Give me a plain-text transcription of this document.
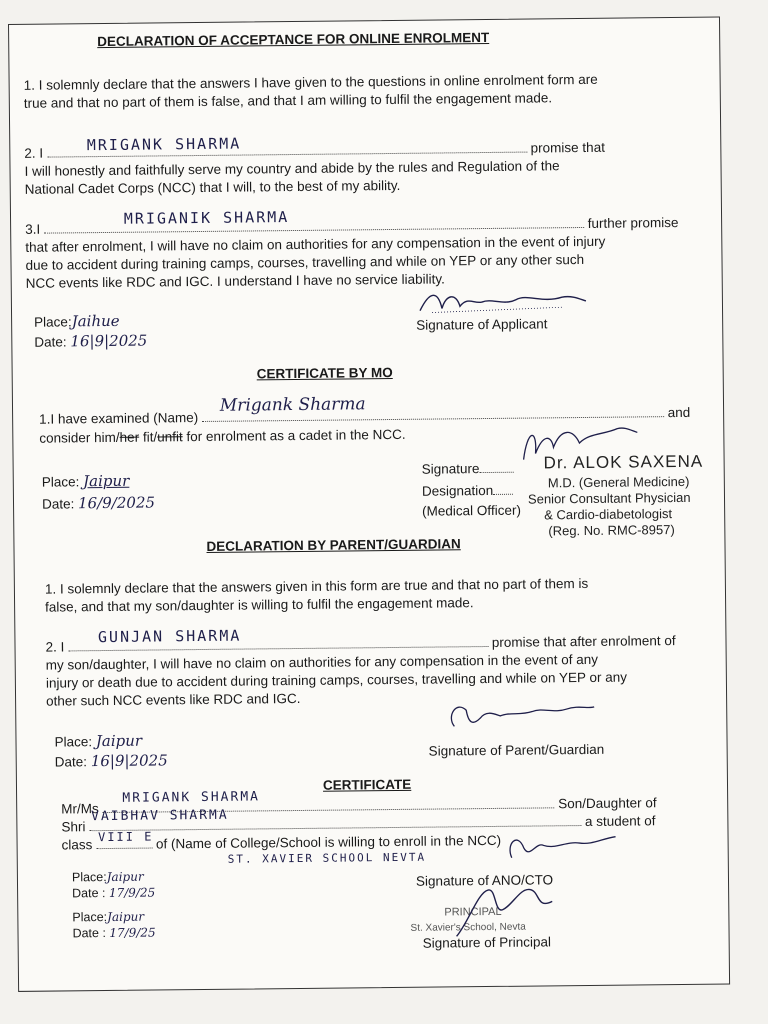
DECLARATION OF ACCEPTANCE FOR ONLINE ENROLMENT
1. I solemnly declare that the answers I have given to the questions in online enrolment form are
true and that no part of them is false, and that I am willing to fulfil the engagement made.
2. I	MRIGANK SHARMA	promise that
I will honestly and faithfully serve my country and abide by the rules and Regulation of the
National Cadet Corps (NCC) that I will, to the best of my ability.
3.I
MRIGANIK SHARMA	further promise
that after enrolment, I will have no claim on authorities for any compensation in the event of injury
due to accident during training camps, courses, travelling and while on YEP or any other such
NCC events like RDC and IGC. I understand I have no service liability.
Place:Jaihue
Date: 16|9|2025
Signature of Applicant
CERTIFICATE BY MO
1.I have examined (Name)
Mrigank Sharma	and
consider him/her fit/unfit for enrolment as a cadet in the NCC.
Place: Jaipur
Date: 16/9/2025
Signature
Designation
(Medical Officer)
Dr. ALOK SAXENA
M.D. (General Medicine)
Senior Consultant Physician
& Cardio-diabetologist
(Reg. No. RMC-8957)
DECLARATION BY PARENT/GUARDIAN
1. I solemnly declare that the answers given in this form are true and that no part of them is
false, and that my son/daughter is willing to fulfil the engagement made.
2. I
GUNJAN SHARMA	promise that after enrolment of
my son/daughter, I will have no claim on authorities for any compensation in the event of any
injury or death due to accident during training camps, courses, travelling and while on YEP or any
other such NCC events like RDC and IGC.
Place: Jaipur
Date: 16|9|2025
Signature of Parent/Guardian
CERTIFICATE
Mr/Ms
MRIGANK SHARMA	Son/Daughter of
Shri
VAIBHAV SHARMA	a student of
class
VIII E of (Name of College/School is willing to enroll in the NCC)
ST. XAVIER SCHOOL NEVTA
Place:Jaipur
Date : 17/9/25
Signature of ANO/CTO
Place:Jaipur
Date : 17/9/25
PRINCIPAL
St. Xavier's School, Nevta
Signature of Principal
